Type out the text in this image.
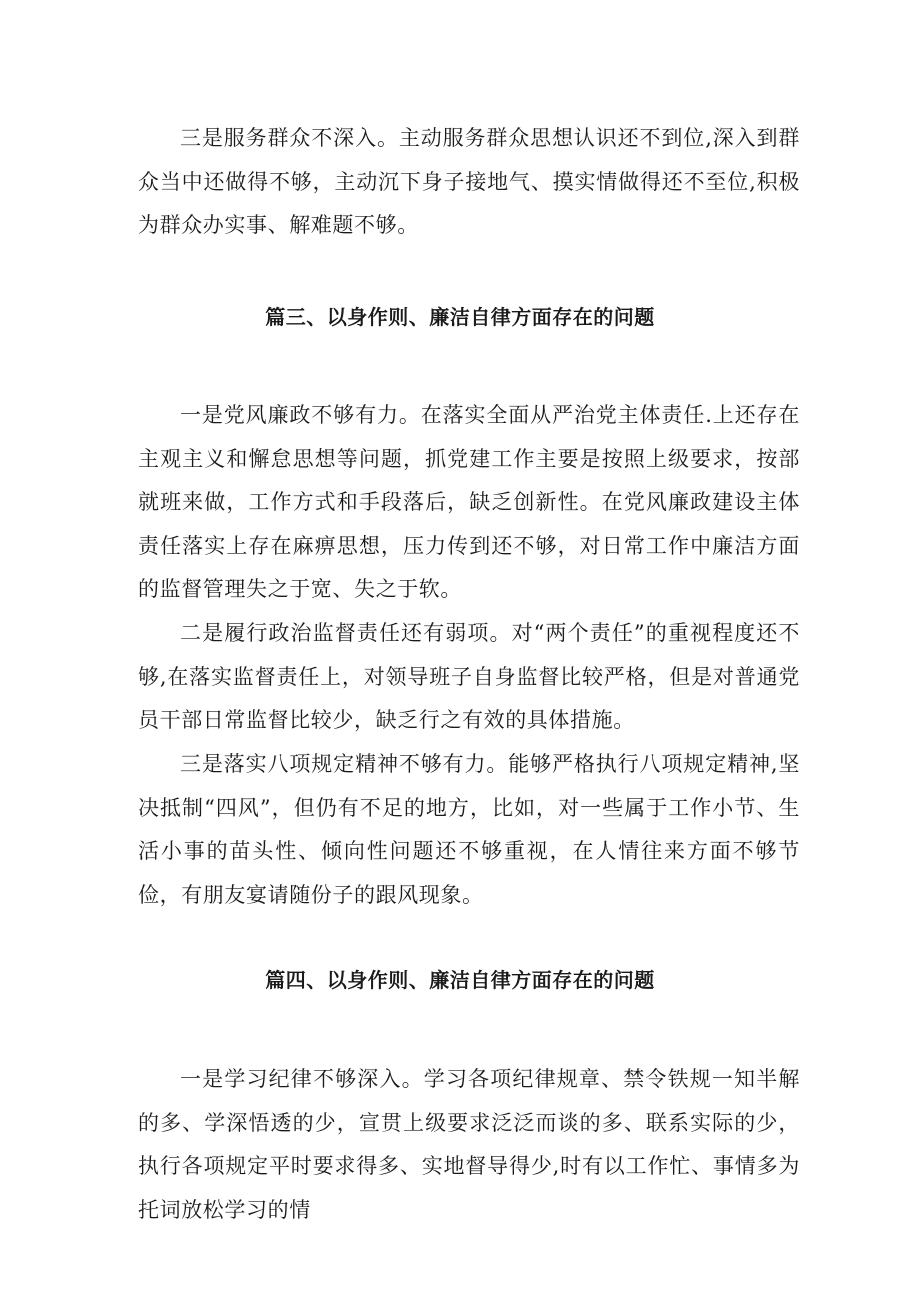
三是服务群众不深入。主动服务群众思想认识还不到位,深入到群众当中还做得不够，主动沉下身子接地气、摸实情做得还不至位,积极为群众办实事、解难题不够。

篇三、以身作则、廉洁自律方面存在的问题

一是党风廉政不够有力。在落实全面从严治党主体责任.上还存在主观主义和懈怠思想等问题，抓党建工作主要是按照上级要求，按部就班来做，工作方式和手段落后，缺乏创新性。在党风廉政建设主体责任落实上存在麻痹思想，压力传到还不够，对日常工作中廉洁方面的监督管理失之于宽、失之于软。

二是履行政治监督责任还有弱项。对“两个责任”的重视程度还不够,在落实监督责任上，对领导班子自身监督比较严格，但是对普通党员干部日常监督比较少，缺乏行之有效的具体措施。

三是落实八项规定精神不够有力。能够严格执行八项规定精神,坚决抵制“四风”，但仍有不足的地方，比如，对一些属于工作小节、生活小事的苗头性、倾向性问题还不够重视，在人情往来方面不够节俭，有朋友宴请随份子的跟风现象。

篇四、以身作则、廉洁自律方面存在的问题

一是学习纪律不够深入。学习各项纪律规章、禁令铁规一知半解的多、学深悟透的少，宣贯上级要求泛泛而谈的多、联系实际的少，执行各项规定平时要求得多、实地督导得少,时有以工作忙、事情多为托词放松学习的情
